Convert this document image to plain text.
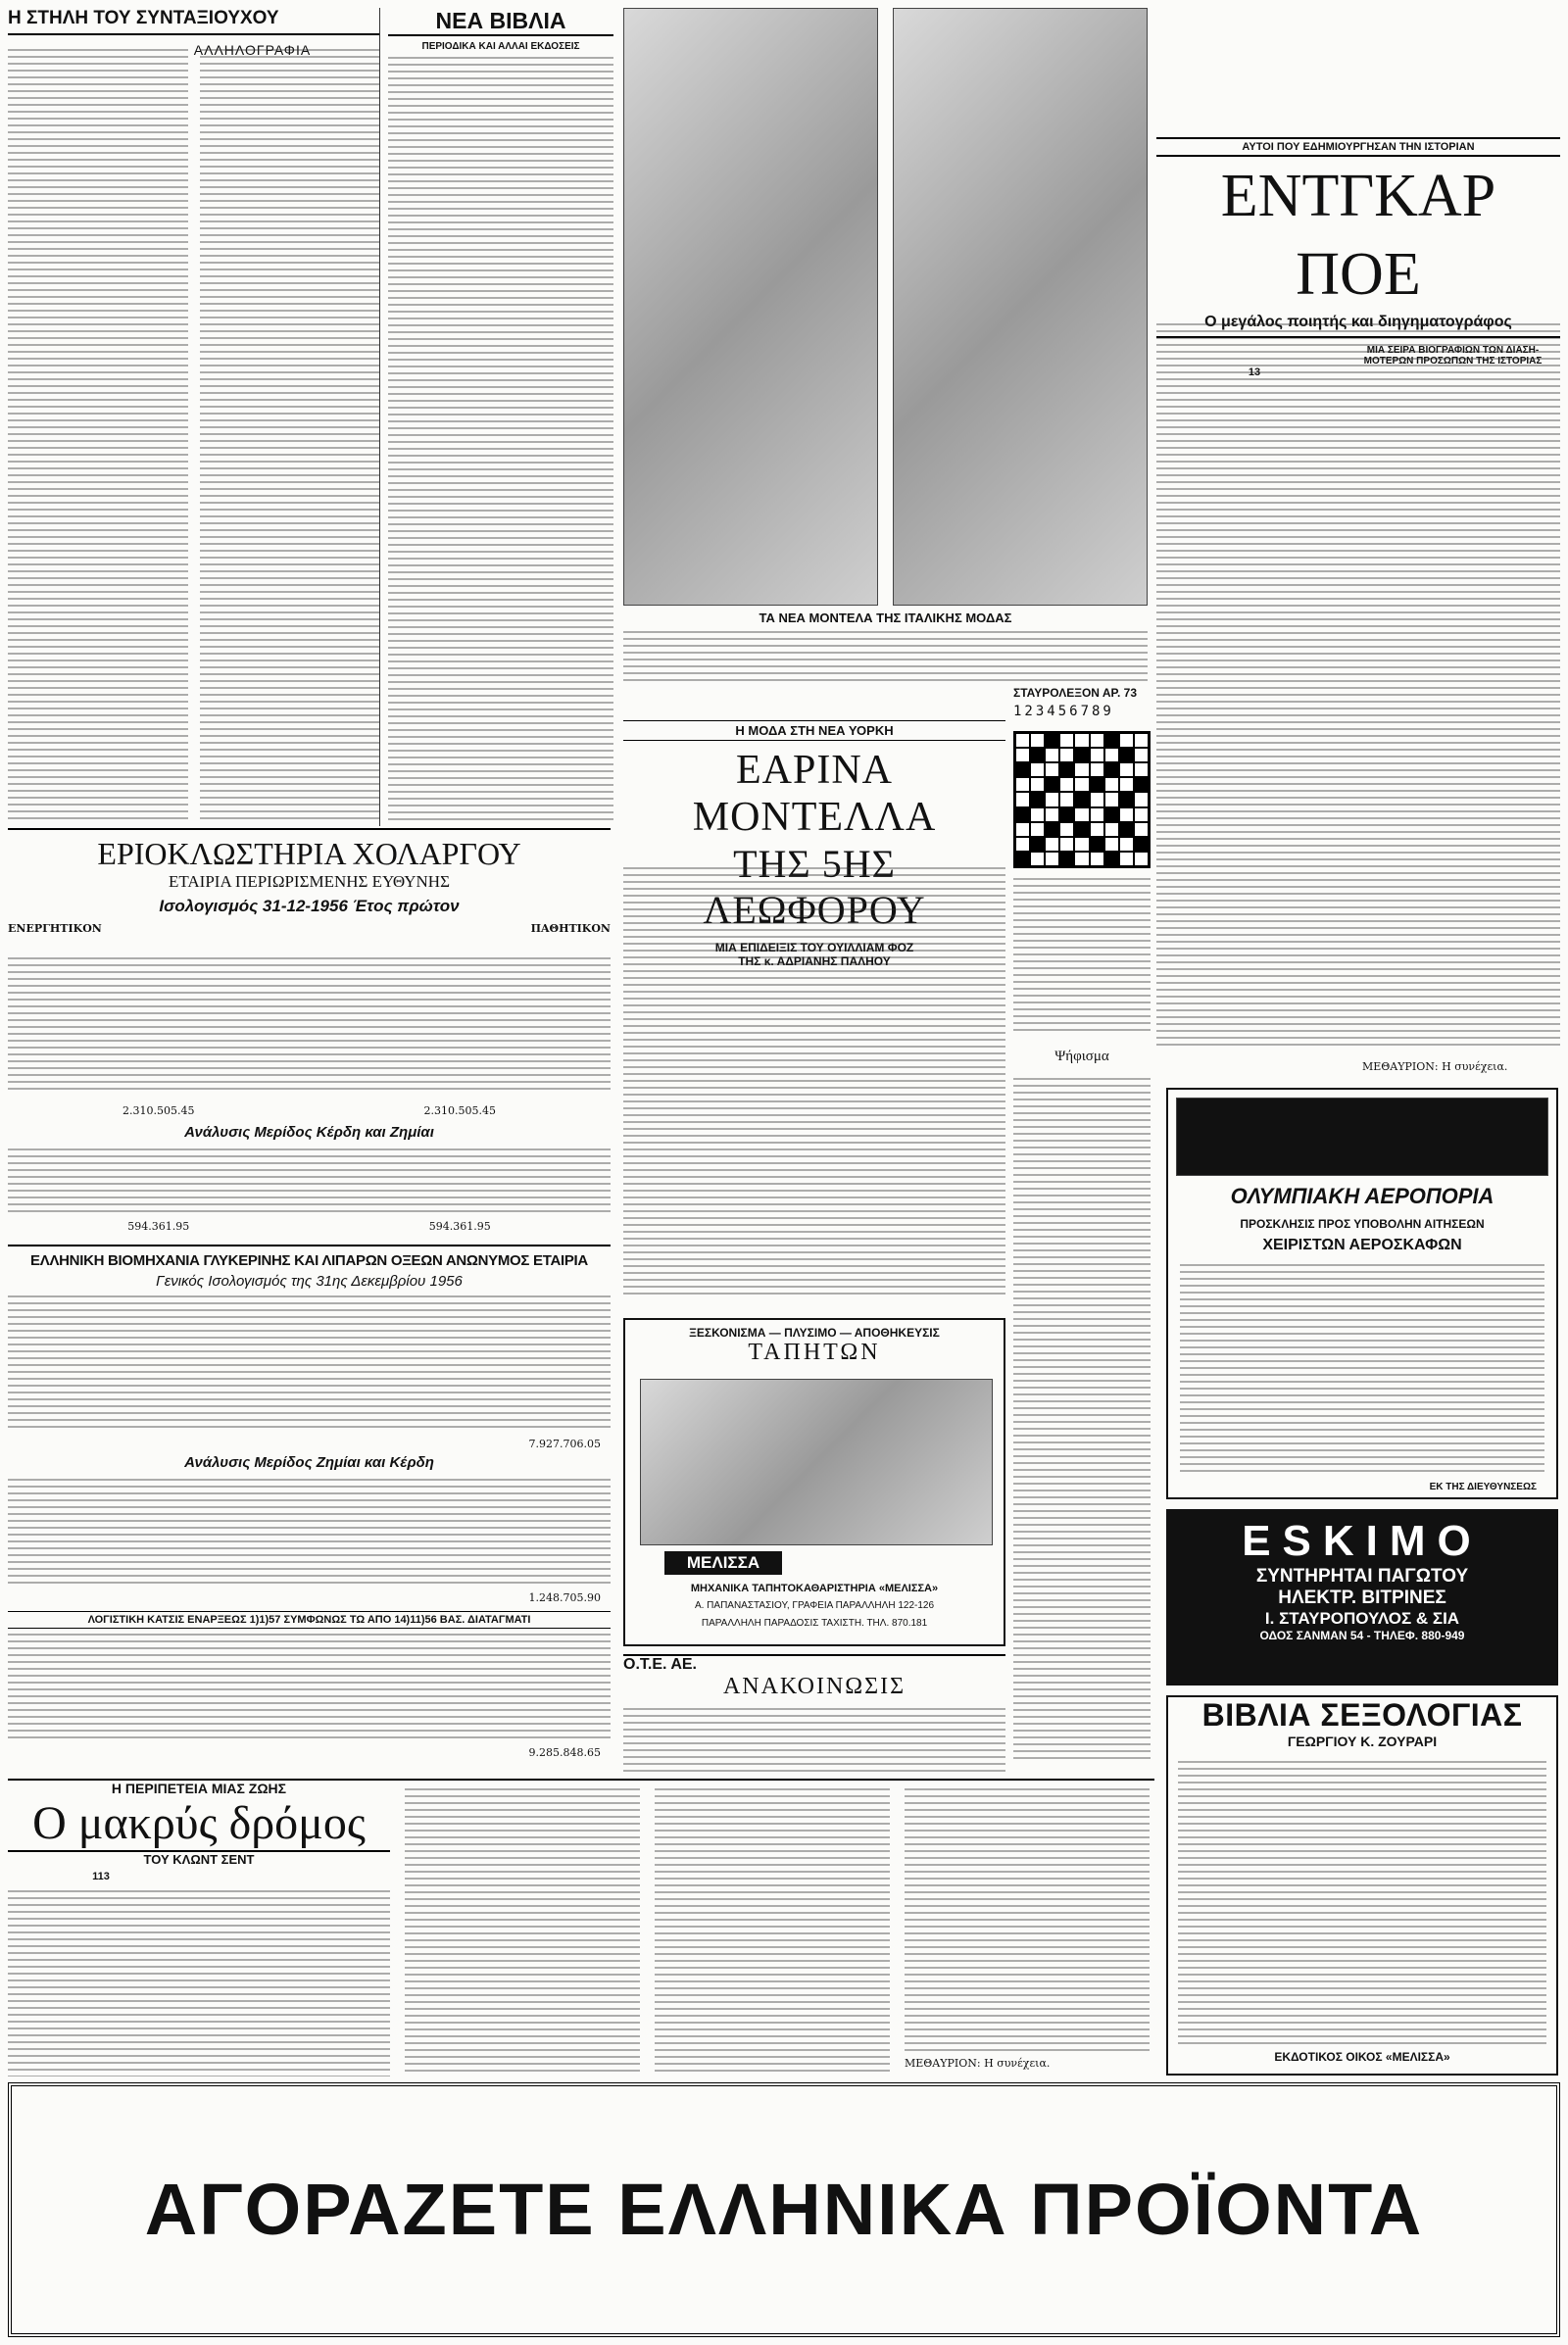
Η ΣΤΗΛΗ ΤΟΥ ΣΥΝΤΑΞΙΟΥΧΟΥ
ΑΛΛΗΛΟΓΡΑΦΙΑ
ΝΕΑ ΒΙΒΛΙΑ
ΠΕΡΙΟΔΙΚΑ ΚΑΙ ΑΛΛΑΙ ΕΚΔΟΣΕΙΣ
ΤΑ ΝΕΑ ΜΟΝΤΕΛΑ ΤΗΣ ΙΤΑΛΙΚΗΣ ΜΟΔΑΣ
ΣΤΑΥΡΟΛΕΞΟΝ ΑΡ. 73
123456789
Η ΜΟΔΑ ΣΤΗ ΝΕΑ ΥΟΡΚΗ
ΕΑΡΙΝΑ ΜΟΝΤΕΛΛΑ
ΤΗΣ 5ΗΣ ΛΕΩΦΟΡΟΥ
ΜΙΑ ΕΠΙΔΕΙΞΙΣ ΤΟΥ ΟΥΙΛΛΙΑΜ ΦΟΖ
ΤΗΣ κ. ΑΔΡΙΑΝΗΣ ΠΑΛΗΟΥ
ΑΥΤΟΙ ΠΟΥ ΕΔΗΜΙΟΥΡΓΗΣΑΝ ΤΗΝ ΙΣΤΟΡΙΑΝ
ΕΝΤΓΚΑΡ ΠΟΕ
Ο μεγάλος ποιητής και διηγηματογράφος
ΜΙΑ ΣΕΙΡΑ ΒΙΟΓΡΑΦΙΩΝ ΤΩΝ ΔΙΑΣΗ- ΜΟΤΕΡΩΝ ΠΡΟΣΩΠΩΝ ΤΗΣ ΙΣΤΟΡΙΑΣ
13
ΜΕΘΑΥΡΙΟΝ: Η συνέχεια.
ΕΡΙΟΚΛΩΣΤΗΡΙΑ ΧΟΛΑΡΓΟΥ
ΕΤΑΙΡΙΑ ΠΕΡΙΩΡΙΣΜΕΝΗΣ ΕΥΘΥΝΗΣ
Ισολογισμός 31-12-1956 Έτος πρώτον
ΕΝΕΡΓΗΤΙΚΟΝ	ΠΑΘΗΤΙΚΟΝ
2.310.505.45	2.310.505.45
Ανάλυσις Μερίδος Κέρδη και Ζημίαι
594.361.95	594.361.95
ΕΛΛΗΝΙΚΗ ΒΙΟΜΗΧΑΝΙΑ ΓΛΥΚΕΡΙΝΗΣ ΚΑΙ ΛΙΠΑΡΩΝ ΟΞΕΩΝ ΑΝΩΝΥΜΟΣ ΕΤΑΙΡΙΑ
Γενικός Ισολογισμός της 31ης Δεκεμβρίου 1956
7.927.706.05
Ανάλυσις Μερίδος Ζημίαι και Κέρδη
1.248.705.90
ΛΟΓΙΣΤΙΚΗ ΚΑΤΣΙΣ ΕΝΑΡΞΕΩΣ 1)1)57 ΣΥΜΦΩΝΩΣ ΤΩ ΑΠΟ 14)11)56 ΒΑΣ. ΔΙΑΤΑΓΜΑΤΙ
9.285.848.65
Η ΠΕΡΙΠΕΤΕΙΑ ΜΙΑΣ ΖΩΗΣ
Ο μακρύς δρόμος
ΤΟΥ ΚΛΩΝΤ ΣΕΝΤ
113
ΜΕΘΑΥΡΙΟΝ: Η συνέχεια.
ΞΕΣΚΟΝΙΣΜΑ — ΠΛΥΣΙΜΟ — ΑΠΟΘΗΚΕΥΣΙΣ
ΤΑΠΗΤΩΝ
ΜΕΛΙΣΣΑ
ΜΗΧΑΝΙΚΑ ΤΑΠΗΤΟΚΑΘΑΡΙΣΤΗΡΙΑ «ΜΕΛΙΣΣΑ»
Α. ΠΑΠΑΝΑΣΤΑΣΙΟΥ, ΓΡΑΦΕΙΑ ΠΑΡΑΛΛΗΛΗ 122-126
ΠΑΡΑΛΛΗΛΗ ΠΑΡΑΔΟΣΙΣ ΤΑΧΙΣΤΗ. ΤΗΛ. 870.181
Ο.Τ.Ε. ΑΕ.
ΑΝΑΚΟΙΝΩΣΙΣ
Ψήφισμα
ΟΛΥΜΠΙΑΚΗ ΑΕΡΟΠΟΡΙΑ
ΠΡΟΣΚΛΗΣΙΣ ΠΡΟΣ ΥΠΟΒΟΛΗΝ ΑΙΤΗΣΕΩΝ
ΧΕΙΡΙΣΤΩΝ ΑΕΡΟΣΚΑΦΩΝ
ΕΚ ΤΗΣ ΔΙΕΥΘΥΝΣΕΩΣ
ESKIMO
ΣΥΝΤΗΡΗΤΑΙ ΠΑΓΩΤΟΥ
ΗΛΕΚΤΡ. ΒΙΤΡΙΝΕΣ
Ι. ΣΤΑΥΡΟΠΟΥΛΟΣ & ΣΙΑ
ΟΔΟΣ ΣΑΝΜΑΝ 54 - ΤΗΛΕΦ. 880-949
ΒΙΒΛΙΑ ΣΕΞΟΛΟΓΙΑΣ
ΓΕΩΡΓΙΟΥ Κ. ΖΟΥΡΑΡΙ
ΕΚΔΟΤΙΚΟΣ ΟΙΚΟΣ «ΜΕΛΙΣΣΑ»
ΑΓΟΡΑΖΕΤΕ ΕΛΛΗΝΙΚΑ ΠΡΟΪΟΝΤΑ
